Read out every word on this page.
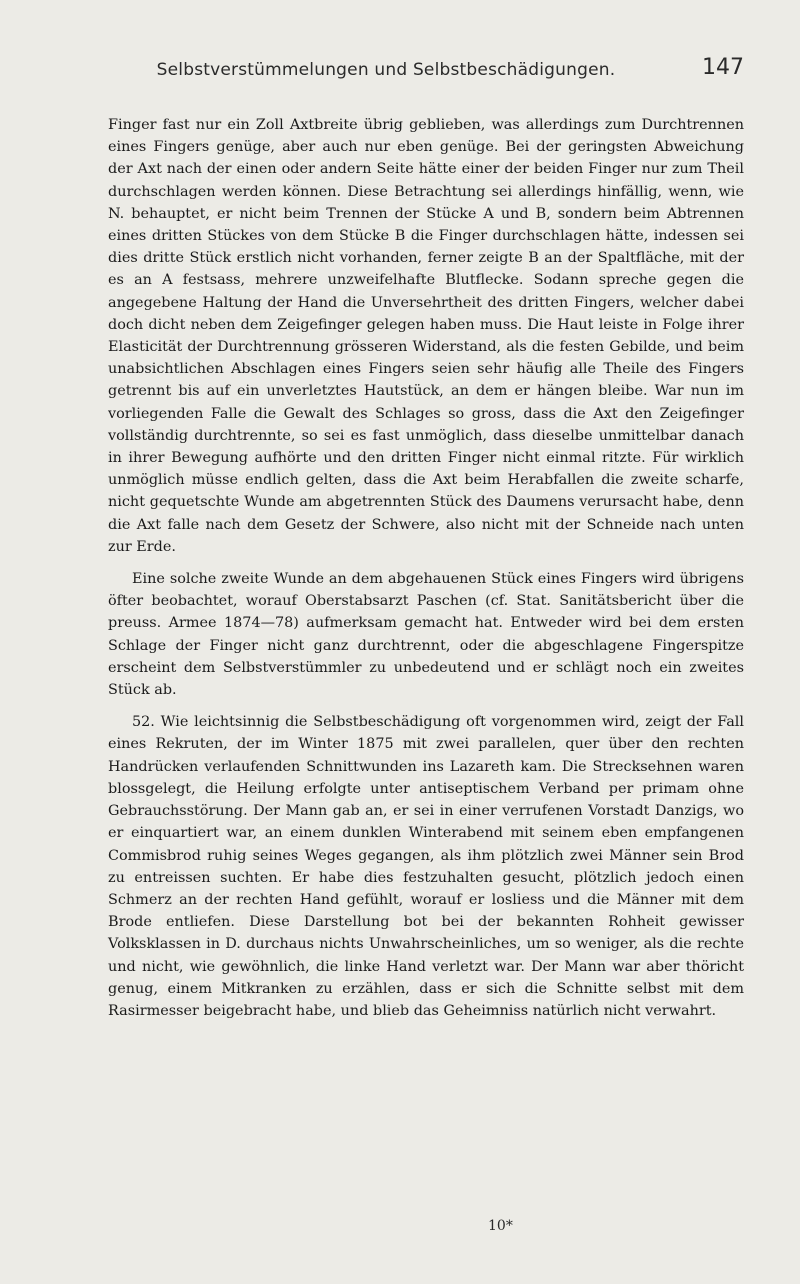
Selbstverstümmelungen und Selbstbeschädigungen.	147

Finger fast nur ein Zoll Axtbreite übrig geblieben, was allerdings zum Durchtrennen eines Fingers genüge, aber auch nur eben genüge. Bei der geringsten Abweichung der Axt nach der einen oder andern Seite hätte einer der beiden Finger nur zum Theil durchschlagen werden können. Diese Betrachtung sei allerdings hinfällig, wenn, wie N. behauptet, er nicht beim Trennen der Stücke A und B, sondern beim Abtrennen eines dritten Stückes von dem Stücke B die Finger durchschlagen hätte, indessen sei dies dritte Stück erstlich nicht vorhanden, ferner zeigte B an der Spaltfläche, mit der es an A festsass, mehrere unzweifelhafte Blutflecke. Sodann spreche gegen die angegebene Haltung der Hand die Unversehrtheit des dritten Fingers, welcher dabei doch dicht neben dem Zeigefinger gelegen haben muss. Die Haut leiste in Folge ihrer Elasticität der Durchtrennung grösseren Widerstand, als die festen Gebilde, und beim unabsichtlichen Abschlagen eines Fingers seien sehr häufig alle Theile des Fingers getrennt bis auf ein unverletztes Hautstück, an dem er hängen bleibe. War nun im vorliegenden Falle die Gewalt des Schlages so gross, dass die Axt den Zeigefinger vollständig durchtrennte, so sei es fast unmöglich, dass dieselbe unmittelbar danach in ihrer Bewegung aufhörte und den dritten Finger nicht einmal ritzte. Für wirklich unmöglich müsse endlich gelten, dass die Axt beim Herabfallen die zweite scharfe, nicht gequetschte Wunde am abgetrennten Stück des Daumens verursacht habe, denn die Axt falle nach dem Gesetz der Schwere, also nicht mit der Schneide nach unten zur Erde.

Eine solche zweite Wunde an dem abgehauenen Stück eines Fingers wird übrigens öfter beobachtet, worauf Oberstabsarzt Paschen (cf. Stat. Sanitätsbericht über die preuss. Armee 1874—78) aufmerksam gemacht hat. Entweder wird bei dem ersten Schlage der Finger nicht ganz durchtrennt, oder die abgeschlagene Fingerspitze erscheint dem Selbstverstümmler zu unbedeutend und er schlägt noch ein zweites Stück ab.

52. Wie leichtsinnig die Selbstbeschädigung oft vorgenommen wird, zeigt der Fall eines Rekruten, der im Winter 1875 mit zwei parallelen, quer über den rechten Handrücken verlaufenden Schnittwunden ins Lazareth kam. Die Strecksehnen waren blossgelegt, die Heilung erfolgte unter antiseptischem Verband per primam ohne Gebrauchsstörung. Der Mann gab an, er sei in einer verrufenen Vorstadt Danzigs, wo er einquartiert war, an einem dunklen Winterabend mit seinem eben empfangenen Commisbrod ruhig seines Weges gegangen, als ihm plötzlich zwei Männer sein Brod zu entreissen suchten. Er habe dies festzuhalten gesucht, plötzlich jedoch einen Schmerz an der rechten Hand gefühlt, worauf er losliess und die Männer mit dem Brode entliefen. Diese Darstellung bot bei der bekannten Rohheit gewisser Volksklassen in D. durchaus nichts Unwahrscheinliches, um so weniger, als die rechte und nicht, wie gewöhnlich, die linke Hand verletzt war. Der Mann war aber thöricht genug, einem Mitkranken zu erzählen, dass er sich die Schnitte selbst mit dem Rasirmesser beigebracht habe, und blieb das Geheimniss natürlich nicht verwahrt.

10*
